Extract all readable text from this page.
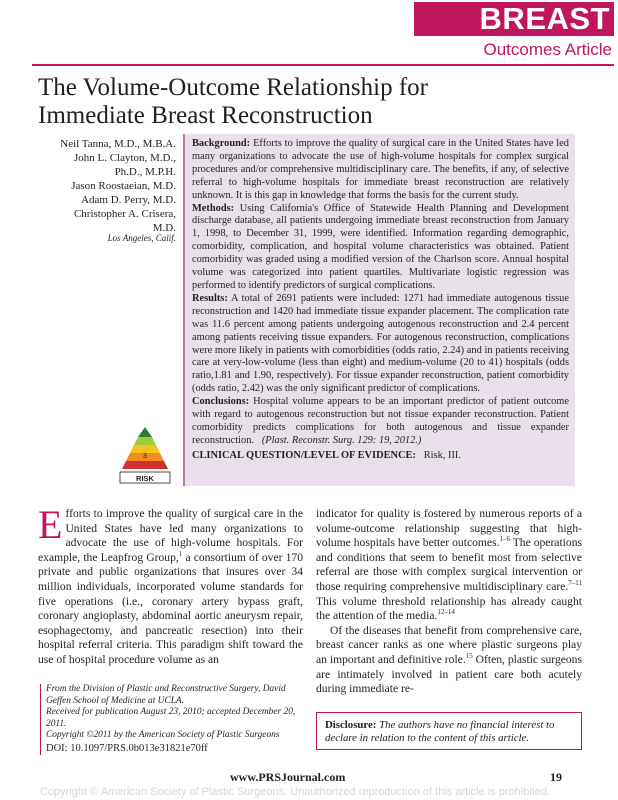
BREAST
Outcomes Article
The Volume-Outcome Relationship for
Immediate Breast Reconstruction
Neil Tanna, M.D., M.B.A.
John L. Clayton, M.D.,
Ph.D., M.P.H.
Jason Roostaeian, M.D.
Adam D. Perry, M.D.
Christopher A. Crisera,
M.D.
Los Angeles, Calif.

Background: Efforts to improve the quality of surgical care in the United States have led many organizations to advocate the use of high-volume hospitals for complex surgical procedures and/or comprehensive multidisciplinary care. The benefits, if any, of selective referral to high-volume hospitals for immediate breast reconstruction are relatively unknown. It is this gap in knowledge that forms the basis for the current study.

Methods: Using California's Office of Statewide Health Planning and Development discharge database, all patients undergoing immediate breast reconstruction from January 1, 1998, to December 31, 1999, were identified. Information regarding demographic, comorbidity, complication, and hospital volume characteristics was obtained. Patient comorbidity was graded using a modified version of the Charlson score. Annual hospital volume was categorized into patient quartiles. Multivariate logistic regression was performed to identify predictors of surgical complications.

Results: A total of 2691 patients were included: 1271 had immediate autogenous tissue reconstruction and 1420 had immediate tissue expander placement. The complication rate was 11.6 percent among patients undergoing autogenous reconstruction and 2.4 percent among patients receiving tissue expanders. For autogenous reconstruction, complications were more likely in patients with comorbidities (odds ratio, 2.24) and in patients receiving care at very-low-volume (less than eight) and medium-volume (20 to 41) hospitals (odds ratio,1.81 and 1.90, respectively). For tissue expander reconstruction, patient comorbidity (odds ratio, 2.42) was the only significant predictor of complications.

Conclusions: Hospital volume appears to be an important predictor of patient outcome with regard to autogenous reconstruction but not tissue expander reconstruction. Patient comorbidity predicts complications for both autogenous and tissue expander reconstruction. (Plast. Reconstr. Surg. 129: 19, 2012.)

CLINICAL QUESTION/LEVEL OF EVIDENCE: Risk, III.

3
RISK

Efforts to improve the quality of surgical care in the United States have led many organizations to advocate the use of high-volume hospitals. For example, the Leapfrog Group,$^1$ a consortium of over 170 private and public organizations that insures over 34 million individuals, incorporated volume standards for five operations (i.e., coronary artery bypass graft, coronary angioplasty, abdominal aortic aneurysm repair, esophagectomy, and pancreatic resection) into their hospital referral criteria. This paradigm shift toward the use of hospital procedure volume as an

indicator for quality is fostered by numerous reports of a volume-outcome relationship suggesting that high-volume hospitals have better outcomes.$^{1-6}$ The operations and conditions that seem to benefit most from selective referral are those with complex surgical intervention or those requiring comprehensive multidisciplinary care.$^{7-11}$ This volume threshold relationship has already caught the attention of the media.$^{12-14}$

Of the diseases that benefit from comprehensive care, breast cancer ranks as one where plastic surgeons play an important and definitive role.$^{15}$ Often, plastic surgeons are intimately involved in patient care both acutely during immediate re-

From the Division of Plastic and Reconstructive Surgery, David Geffen School of Medicine at UCLA.
Received for publication August 23, 2010; accepted December 20, 2011.
Copyright ©2011 by the American Society of Plastic Surgeons
DOI: 10.1097/PRS.0b013e31821e70ff
Disclosure: The authors have no financial interest to declare in relation to the content of this article.
www.PRSJournal.com	19
Copyright © American Society of Plastic Surgeons. Unauthorized reproduction of this article is prohibited.
